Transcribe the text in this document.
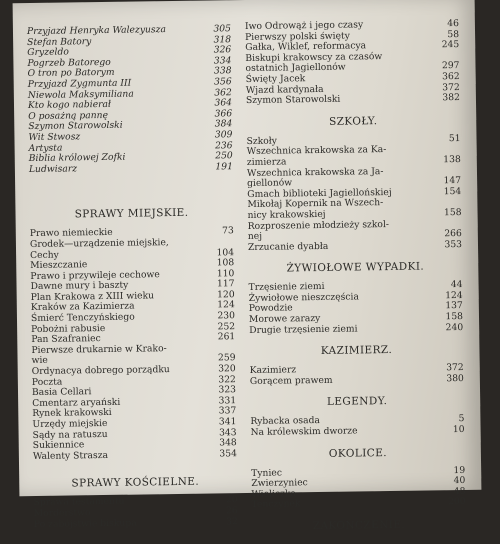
Przyjazd Henryka Walezyusza	305
Stefan Batory	318
Gryzeldo	326
Pogrzeb Batorego	334
O tron po Batorym	338
Przyjazd Zygmunta III	356
Niewola Maksymiliana	362
Kto kogo nabierał	364
O posażną pannę	366
Szymon Starowolski	384
Wit Stwosz	309
Artysta	236
Biblia królowej Zofki	250
Ludwisarz	191
SPRAWY MIEJSKIE.
Prawo niemieckie	73
Grodek—urządzenie miejskie,
Cechy	104
Mieszczanie	108
Prawo i przywileje cechowe	110
Dawne mury i baszty	117
Plan Krakowa z XIII wieku	120
Kraków za Kazimierza	124
Śmierć Tenczyńskiego	230
Pobożni rabusie	252
Pan Szafraniec	261
Pierwsze drukarnie w Krako-
wie	259
Ordynacya dobrego porządku	320
Poczta	322
Basia Cellari	323
Cmentarz aryański	331
Rynek krakowski	337
Urzędy miejskie	341
Sądy na ratuszu	343
Sukiennice	348
Walenty Strasza	354
SPRAWY KOŚCIELNE.
Sprawa testamentu	20
Morderstwo	26
Po zabójstwie biskupa	32
Iwo Odrowąż i jego czasy	46
Pierwszy polski święty	58
Gałka, Wiklef, reformacya	245
Biskupi krakowscy za czasów
ostatnich Jagiellonów	297
Święty Jacek	362
Wjazd kardynała	372
Szymon Starowolski	382
SZKOŁY.
Szkoły	51
Wszechnica krakowska za Ka-
zimierza	138
Wszechnica krakowska za Ja-
giellonów	147
Gmach biblioteki Jagiellońskiej	154
Mikołaj Kopernik na Wszech-
nicy krakowskiej	158
Rozproszenie młodzieży szkol-
nej	266
Zrzucanie dyabła	353
ŻYWIOŁOWE WYPADKI.
Trzęsienie ziemi	44
Żywiołowe nieszczęścia	124
Powodzie	137
Morowe zarazy	158
Drugie trzęsienie ziemi	240
KAZIMIERZ.
Kazimierz	372
Gorącem prawem	380
LEGENDY.
Rybacka osada	5
Na królewskim dworze	10
OKOLICE.
Tyniec	19
Zwierzyniec	40
Wieliczka	48
Tenczynek	200
ZAKOŃCZENIE.
